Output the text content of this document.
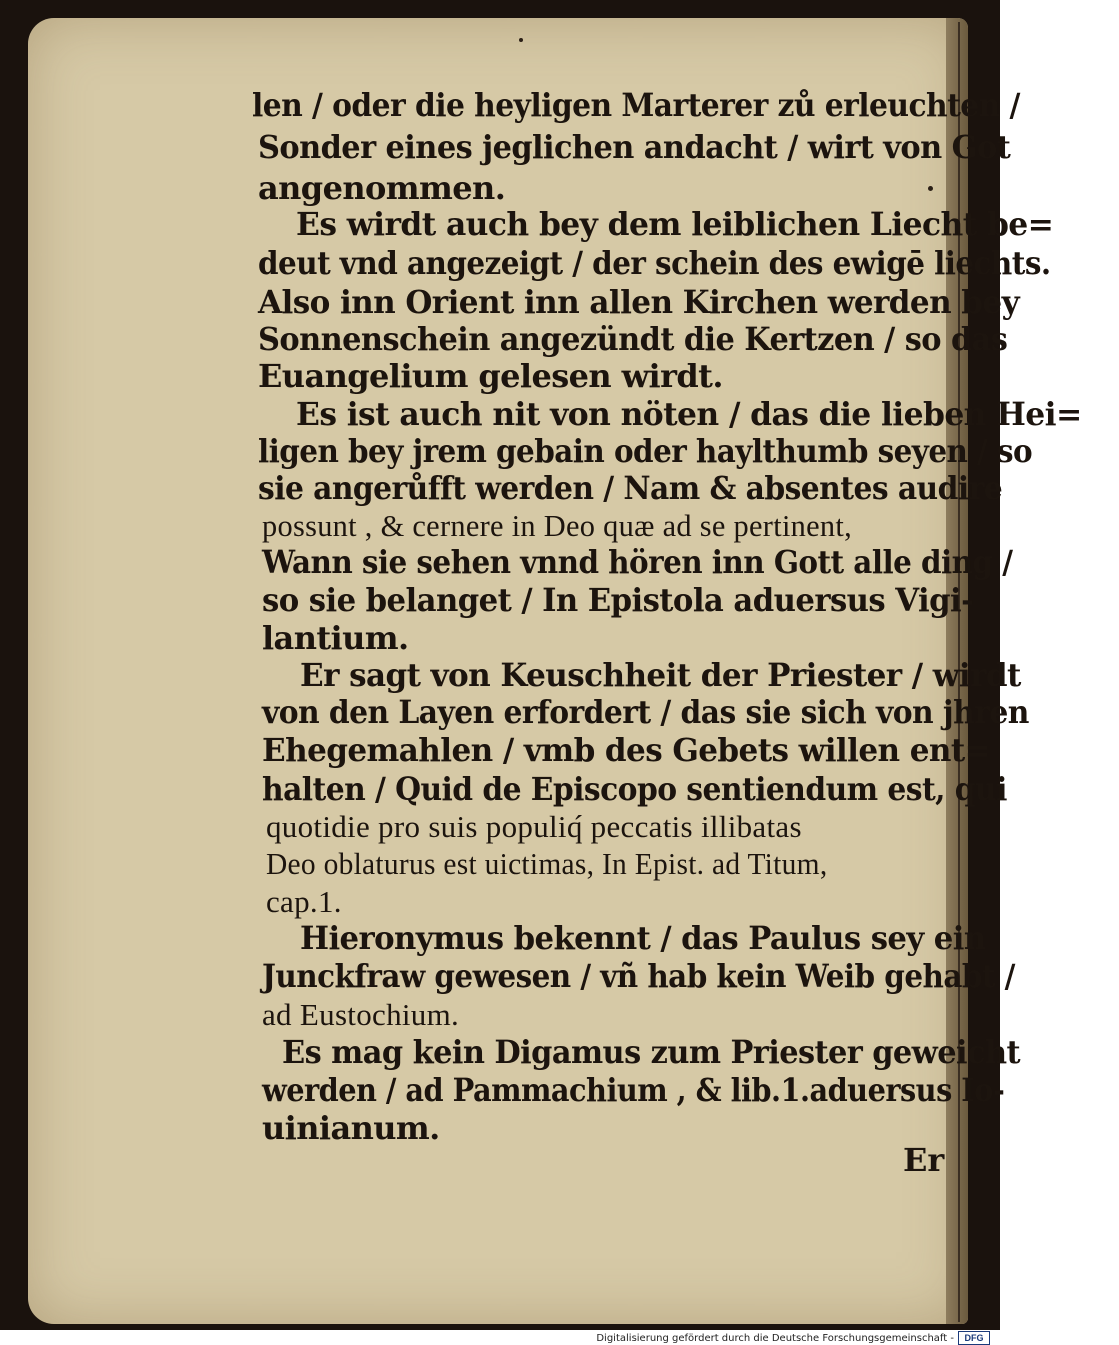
len / oder die heyligen Marterer zů erleuchten /
Sonder eines jeglichen andacht / wirt von Got
angenommen.
Es wirdt auch bey dem leiblichen Liecht be=
deut vnd angezeigt / der schein des ewigē liechts.
Also inn Orient inn allen Kirchen werden bey
Sonnenschein angezündt die Kertzen / so das
Euangelium gelesen wirdt.
Es ist auch nit von nöten / das die lieben Hei=
ligen bey jrem gebain oder haylthumb seyen / so
sie angerůfft werden / Nam & absentes audire
possunt , & cernere in Deo quæ ad se pertinent,
Wann sie sehen vnnd hören inn Gott alle ding /
so sie belanget / In Epistola aduersus Vigi-
lantium.
Er sagt von Keuschheit der Priester / wirdt
von den Layen erfordert / das sie sich von jhren
Ehegemahlen / vmb des Gebets willen ent=
halten / Quid de Episcopo sentiendum est, qui
quotidie pro suis populiq́ peccatis illibatas
Deo oblaturus est uictimas, In Epist. ad Titum,
cap.1.
Hieronymus bekennt / das Paulus sey ein
Junckfraw gewesen / vñ hab kein Weib gehabt /
ad Eustochium.
Es mag kein Digamus zum Priester geweicht
werden / ad Pammachium , & lib.1.aduersus Io-
uinianum.
Er
Digitalisierung gefördert durch die Deutsche Forschungsgemeinschaft -	DFG
